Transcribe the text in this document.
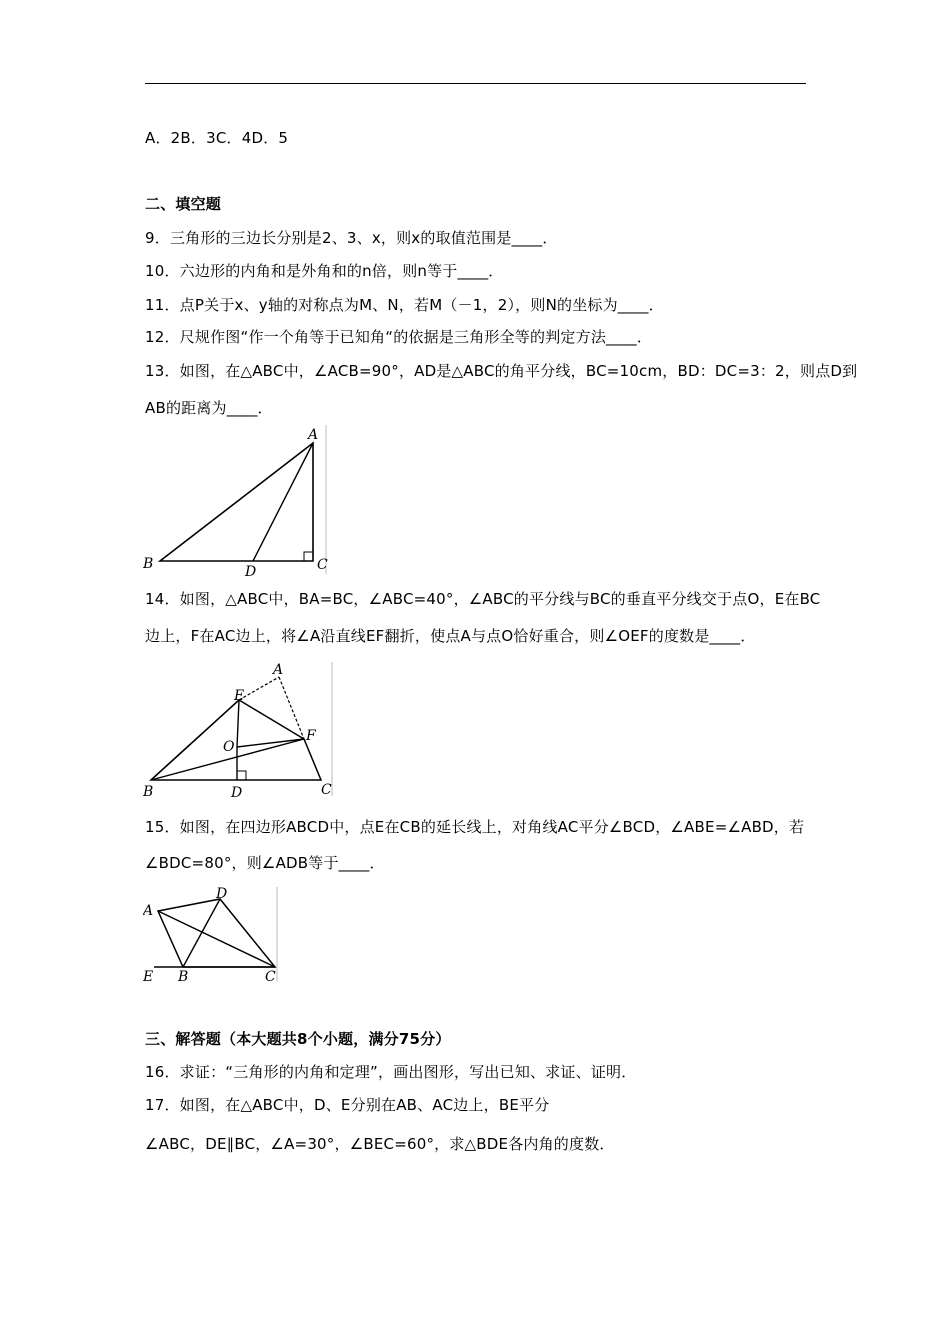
A．2B．3C．4D．5
二、填空题
9．三角形的三边长分别是2、3、x，则x的取值范围是____．
10．六边形的内角和是外角和的n倍，则n等于____．
11．点P关于x、y轴的对称点为M、N，若M（－1，2），则N的坐标为____．
12．尺规作图“作一个角等于已知角“的依据是三角形全等的判定方法____．
13．如图，在△ABC中，∠ACB=90°，AD是△ABC的角平分线，BC=10cm，BD：DC=3：2，则点D到
AB的距离为____．
A
B	C
D
14．如图，△ABC中，BA=BC，∠ABC=40°，∠ABC的平分线与BC的垂直平分线交于点O，E在BC
边上，F在AC边上，将∠A沿直线EF翻折，使点A与点O恰好重合，则∠OEF的度数是____．
A
B	C
D
E
F
O
15．如图，在四边形ABCD中，点E在CB的延长线上，对角线AC平分∠BCD，∠ABE=∠ABD，若
∠BDC=80°，则∠ADB等于____．
A
D
E B	C
三、解答题（本大题共8个小题，满分75分）
16．求证：“三角形的内角和定理”，画出图形，写出已知、求证、证明．
17．如图，在△ABC中，D、E分别在AB、AC边上，BE平分
∠ABC，DE∥BC，∠A=30°，∠BEC=60°，求△BDE各内角的度数．
